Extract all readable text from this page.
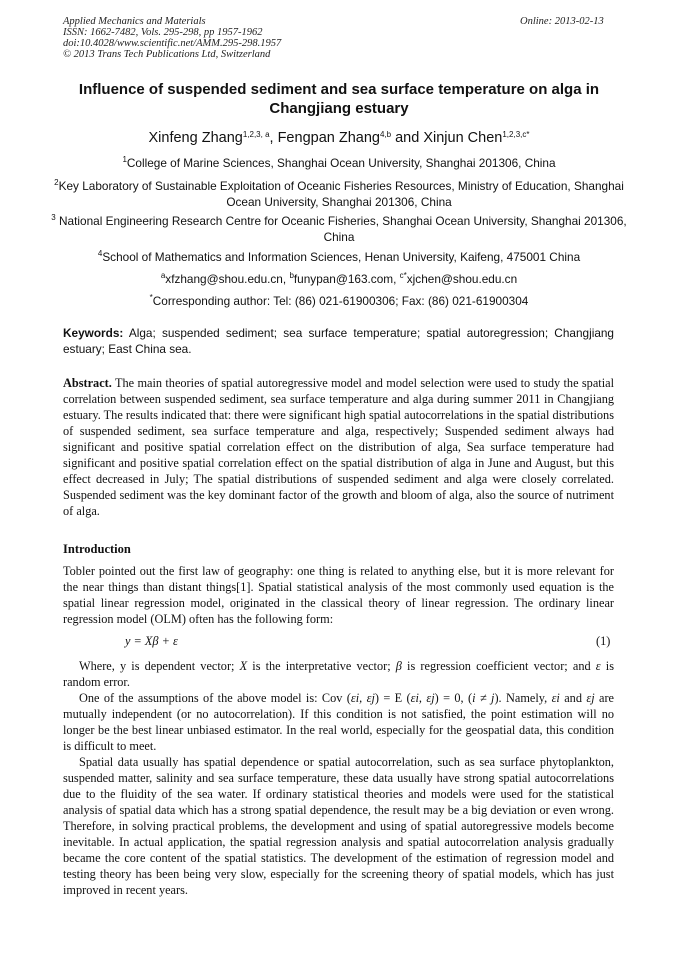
Applied Mechanics and Materials
ISSN: 1662-7482, Vols. 295-298, pp 1957-1962
doi:10.4028/www.scientific.net/AMM.295-298.1957
© 2013 Trans Tech Publications Ltd, Switzerland
Online: 2013-02-13
Influence of suspended sediment and sea surface temperature on alga in Changjiang estuary
Xinfeng Zhang$^{1,2,3, a}$, Fengpan Zhang$^{4,b}$ and Xinjun Chen$^{1,2,3,c*}$
$^1$College of Marine Sciences, Shanghai Ocean University, Shanghai 201306, China
$^2$Key Laboratory of Sustainable Exploitation of Oceanic Fisheries Resources, Ministry of Education, Shanghai Ocean University, Shanghai 201306, China
$^3$ National Engineering Research Centre for Oceanic Fisheries, Shanghai Ocean University, Shanghai 201306, China
$^4$School of Mathematics and Information Sciences, Henan University, Kaifeng, 475001 China
$^a$xfzhang@shou.edu.cn, $^b$funypan@163.com, $^{c*}$xjchen@shou.edu.cn
*Corresponding author: Tel: (86) 021-61900306; Fax: (86) 021-61900304
Keywords: Alga; suspended sediment; sea surface temperature; spatial autoregression; Changjiang estuary; East China sea.
Abstract. The main theories of spatial autoregressive model and model selection were used to study the spatial correlation between suspended sediment, sea surface temperature and alga during summer 2011 in Changjiang estuary. The results indicated that: there were significant high spatial autocorrelations in the spatial distributions of suspended sediment, sea surface temperature and alga, respectively; Suspended sediment always had significant and positive spatial correlation effect on the distribution of alga, Sea surface temperature had significant and positive spatial correlation effect on the spatial distribution of alga in June and August, but this effect decreased in July; The spatial distributions of suspended sediment and alga were closely correlated. Suspended sediment was the key dominant factor of the growth and bloom of alga, also the source of nutriment of alga.
Introduction
Tobler pointed out the first law of geography: one thing is related to anything else, but it is more relevant for the near things than distant things[1]. Spatial statistical analysis of the most commonly used equation is the spatial linear regression model, originated in the classical theory of linear regression. The ordinary linear regression model (OLM) often has the following form:
y = Xβ + ε	(1)
Where, y is dependent vector; X is the interpretative vector; β is regression coefficient vector; and ε is random error.
One of the assumptions of the above model is: Cov (εi, εj) = E (εi, εj) = 0, (i ≠ j). Namely, εi and εj are mutually independent (or no autocorrelation). If this condition is not satisfied, the point estimation will no longer be the best linear unbiased estimator. In the real world, especially for the geospatial data, this condition is difficult to meet.
Spatial data usually has spatial dependence or spatial autocorrelation, such as sea surface phytoplankton, suspended matter, salinity and sea surface temperature, these data usually have strong spatial autocorrelations due to the fluidity of the sea water. If ordinary statistical theories and models were used for the statistical analysis of spatial data which has a strong spatial dependence, the result may be a big deviation or even wrong. Therefore, in solving practical problems, the development and using of spatial autoregressive models become inevitable. In actual application, the spatial regression analysis and spatial autocorrelation analysis gradually became the core content of the spatial statistics. The development of the estimation of regression model and testing theory has been being very slow, especially for the screening theory of spatial models, which has just improved in recent years.
